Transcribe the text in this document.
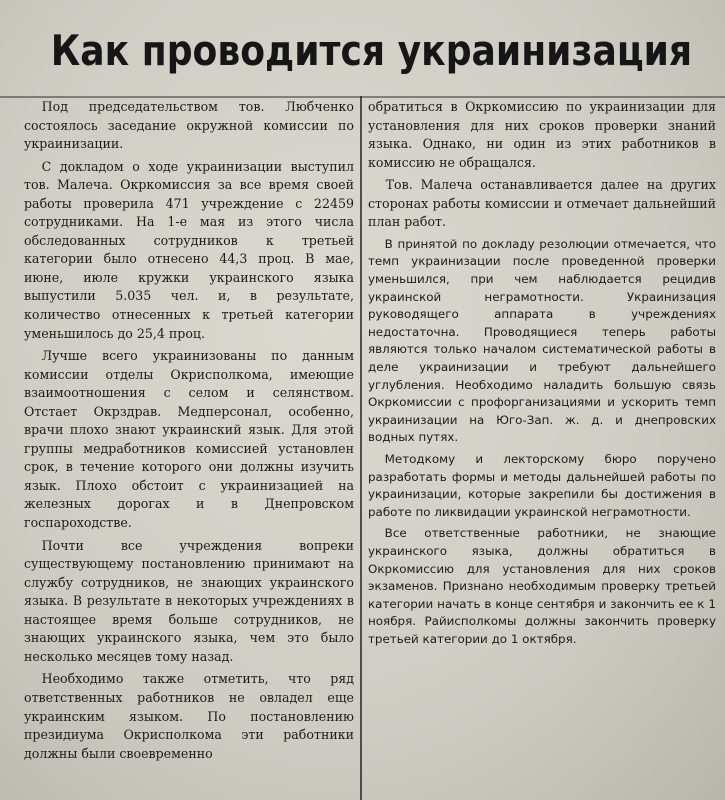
Как проводится украинизация

Под председательством тов. Любченко состоялось заседание окружной комиссии по украинизации.

С докладом о ходе украинизации выступил тов. Малеча. Окркомиссия за все время своей работы проверила 471 учреждение с 22459 сотрудниками. На 1-е мая из этого числа обследованных сотрудников к третьей категории было отнесено 44,3 проц. В мае, июне, июле кружки украинского языка выпустили 5.035 чел. и, в результате, количество отнесенных к третьей категории уменьшилось до 25,4 проц.

Лучше всего украинизованы по данным комиссии отделы Окрисполкома, имеющие взаимоотношения с селом и селянством. Отстает Окрздрав. Медперсонал, особенно, врачи плохо знают украинский язык. Для этой группы медработников комиссией установлен срок, в течение которого они должны изучить язык. Плохо обстоит с украинизацией на железных дорогах и в Днепровском госпароходстве.

Почти все учреждения вопреки существующему постановлению принимают на службу сотрудников, не знающих украинского языка. В результате в некоторых учреждениях в настоящее время больше сотрудников, не знающих украинского языка, чем это было несколько месяцев тому назад.

Необходимо также отметить, что ряд ответственных работников не овладел еще украинским языком. По постановлению президиума Окрисполкома эти работники должны были своевременно

обратиться в Окркомиссию по украинизации для установления для них сроков проверки знаний языка. Однако, ни один из этих работников в комиссию не обращался.

Тов. Малеча останавливается далее на других сторонах работы комиссии и отмечает дальнейший план работ.

В принятой по докладу резолюции отмечается, что темп украинизации после проведенной проверки уменьшился, при чем наблюдается рецидив украинской неграмотности. Украинизация руководящего аппарата в учреждениях недостаточна. Проводящиеся теперь работы являются только началом систематической работы в деле украинизации и требуют дальнейшего углубления. Необходимо наладить большую связь Окркомиссии с профорганизациями и ускорить темп украинизации на Юго-Зап. ж. д. и днепровских водных путях.

Методкому и лекторскому бюро поручено разработать формы и методы дальнейшей работы по украинизации, которые закрепили бы достижения в работе по ликвидации украинской неграмотности.

Все ответственные работники, не знающие украинского языка, должны обратиться в Окркомиссию для установления для них сроков экзаменов. Признано необходимым проверку третьей категории начать в конце сентября и закончить ее к 1 ноября. Райисполкомы должны закончить проверку третьей категории до 1 октября.
